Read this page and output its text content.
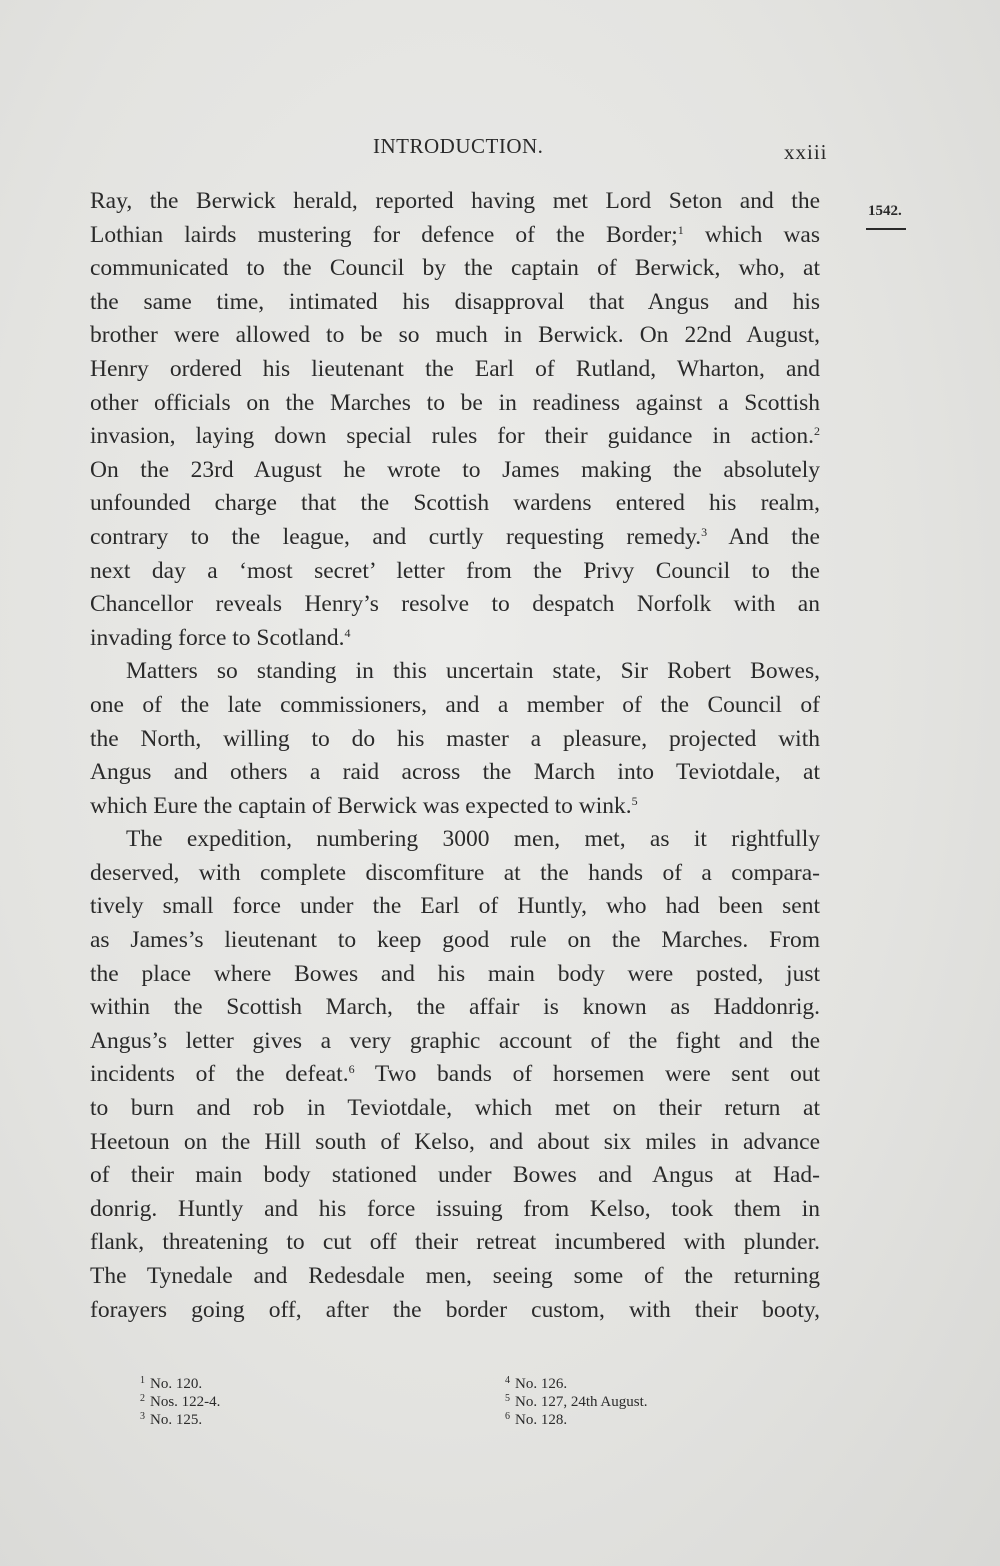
INTRODUCTION.	xxiii
1542.
Ray, the Berwick herald, reported having met Lord Seton and the
Lothian lairds mustering for defence of the Border;$^1$ which was
communicated to the Council by the captain of Berwick, who, at
the same time, intimated his disapproval that Angus and his
brother were allowed to be so much in Berwick. On 22nd August,
Henry ordered his lieutenant the Earl of Rutland, Wharton, and
other officials on the Marches to be in readiness against a Scottish
invasion, laying down special rules for their guidance in action.$^2$
On the 23rd August he wrote to James making the absolutely
unfounded charge that the Scottish wardens entered his realm,
contrary to the league, and curtly requesting remedy.$^3$ And the
next day a ‘most secret’ letter from the Privy Council to the
Chancellor reveals Henry’s resolve to despatch Norfolk with an
invading force to Scotland.$^4$
Matters so standing in this uncertain state, Sir Robert Bowes,
one of the late commissioners, and a member of the Council of
the North, willing to do his master a pleasure, projected with
Angus and others a raid across the March into Teviotdale, at
which Eure the captain of Berwick was expected to wink.$^5$
The expedition, numbering 3000 men, met, as it rightfully
deserved, with complete discomfiture at the hands of a compara-
tively small force under the Earl of Huntly, who had been sent
as James’s lieutenant to keep good rule on the Marches. From
the place where Bowes and his main body were posted, just
within the Scottish March, the affair is known as Haddonrig.
Angus’s letter gives a very graphic account of the fight and the
incidents of the defeat.$^6$ Two bands of horsemen were sent out
to burn and rob in Teviotdale, which met on their return at
Heetoun on the Hill south of Kelso, and about six miles in advance
of their main body stationed under Bowes and Angus at Had-
donrig. Huntly and his force issuing from Kelso, took them in
flank, threatening to cut off their retreat incumbered with plunder.
The Tynedale and Redesdale men, seeing some of the returning
forayers going off, after the border custom, with their booty,
$^1$ No. 120.
$^2$ Nos. 122-4.
$^3$ No. 125.
$^4$ No. 126.
$^5$ No. 127, 24th August.
$^6$ No. 128.
